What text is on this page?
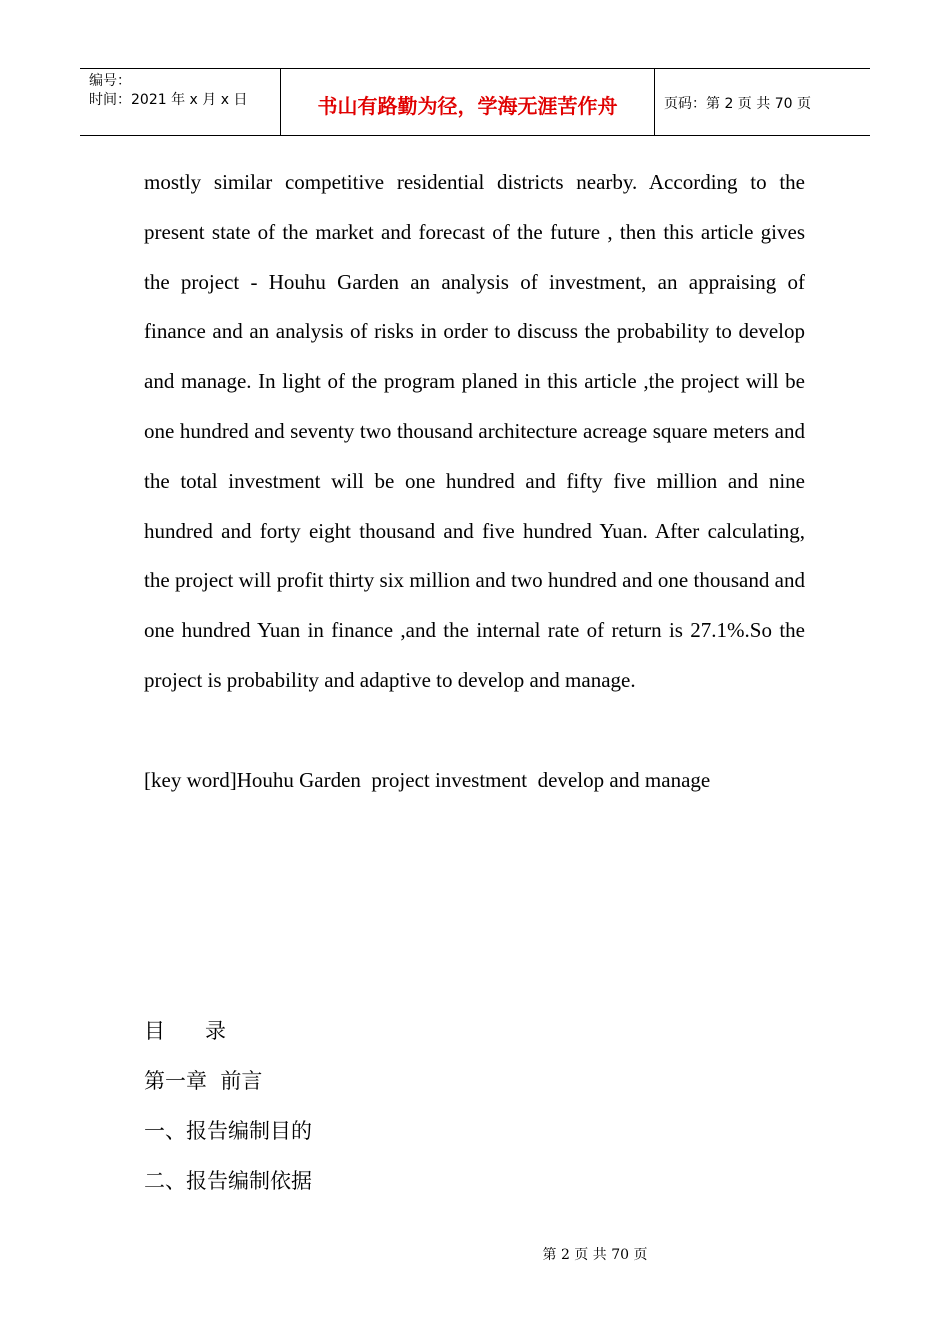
编号：
时间：2021 年 x 月 x 日	书山有路勤为径，学海无涯苦作舟	页码：第 2 页 共 70 页
mostly similar competitive residential districts nearby. According to the present state of the market and forecast of the future , then this article gives the project - Houhu Garden an analysis of investment, an appraising of finance and an analysis of risks in order to discuss the probability to develop and manage. In light of the program planed in this article ,the project will be one hundred and seventy two thousand architecture acreage square meters and the total investment will be one hundred and fifty five million and nine hundred and forty eight thousand and five hundred Yuan. After calculating, the project will profit thirty six million and two hundred and one thousand and one hundred Yuan in finance ,and the internal rate of return is 27.1%.So the project is probability and adaptive to develop and manage.
[key word]Houhu Garden  project investment  develop and manage
目      录
第一章  前言
一、报告编制目的
二、报告编制依据
第 2 页 共 70 页
